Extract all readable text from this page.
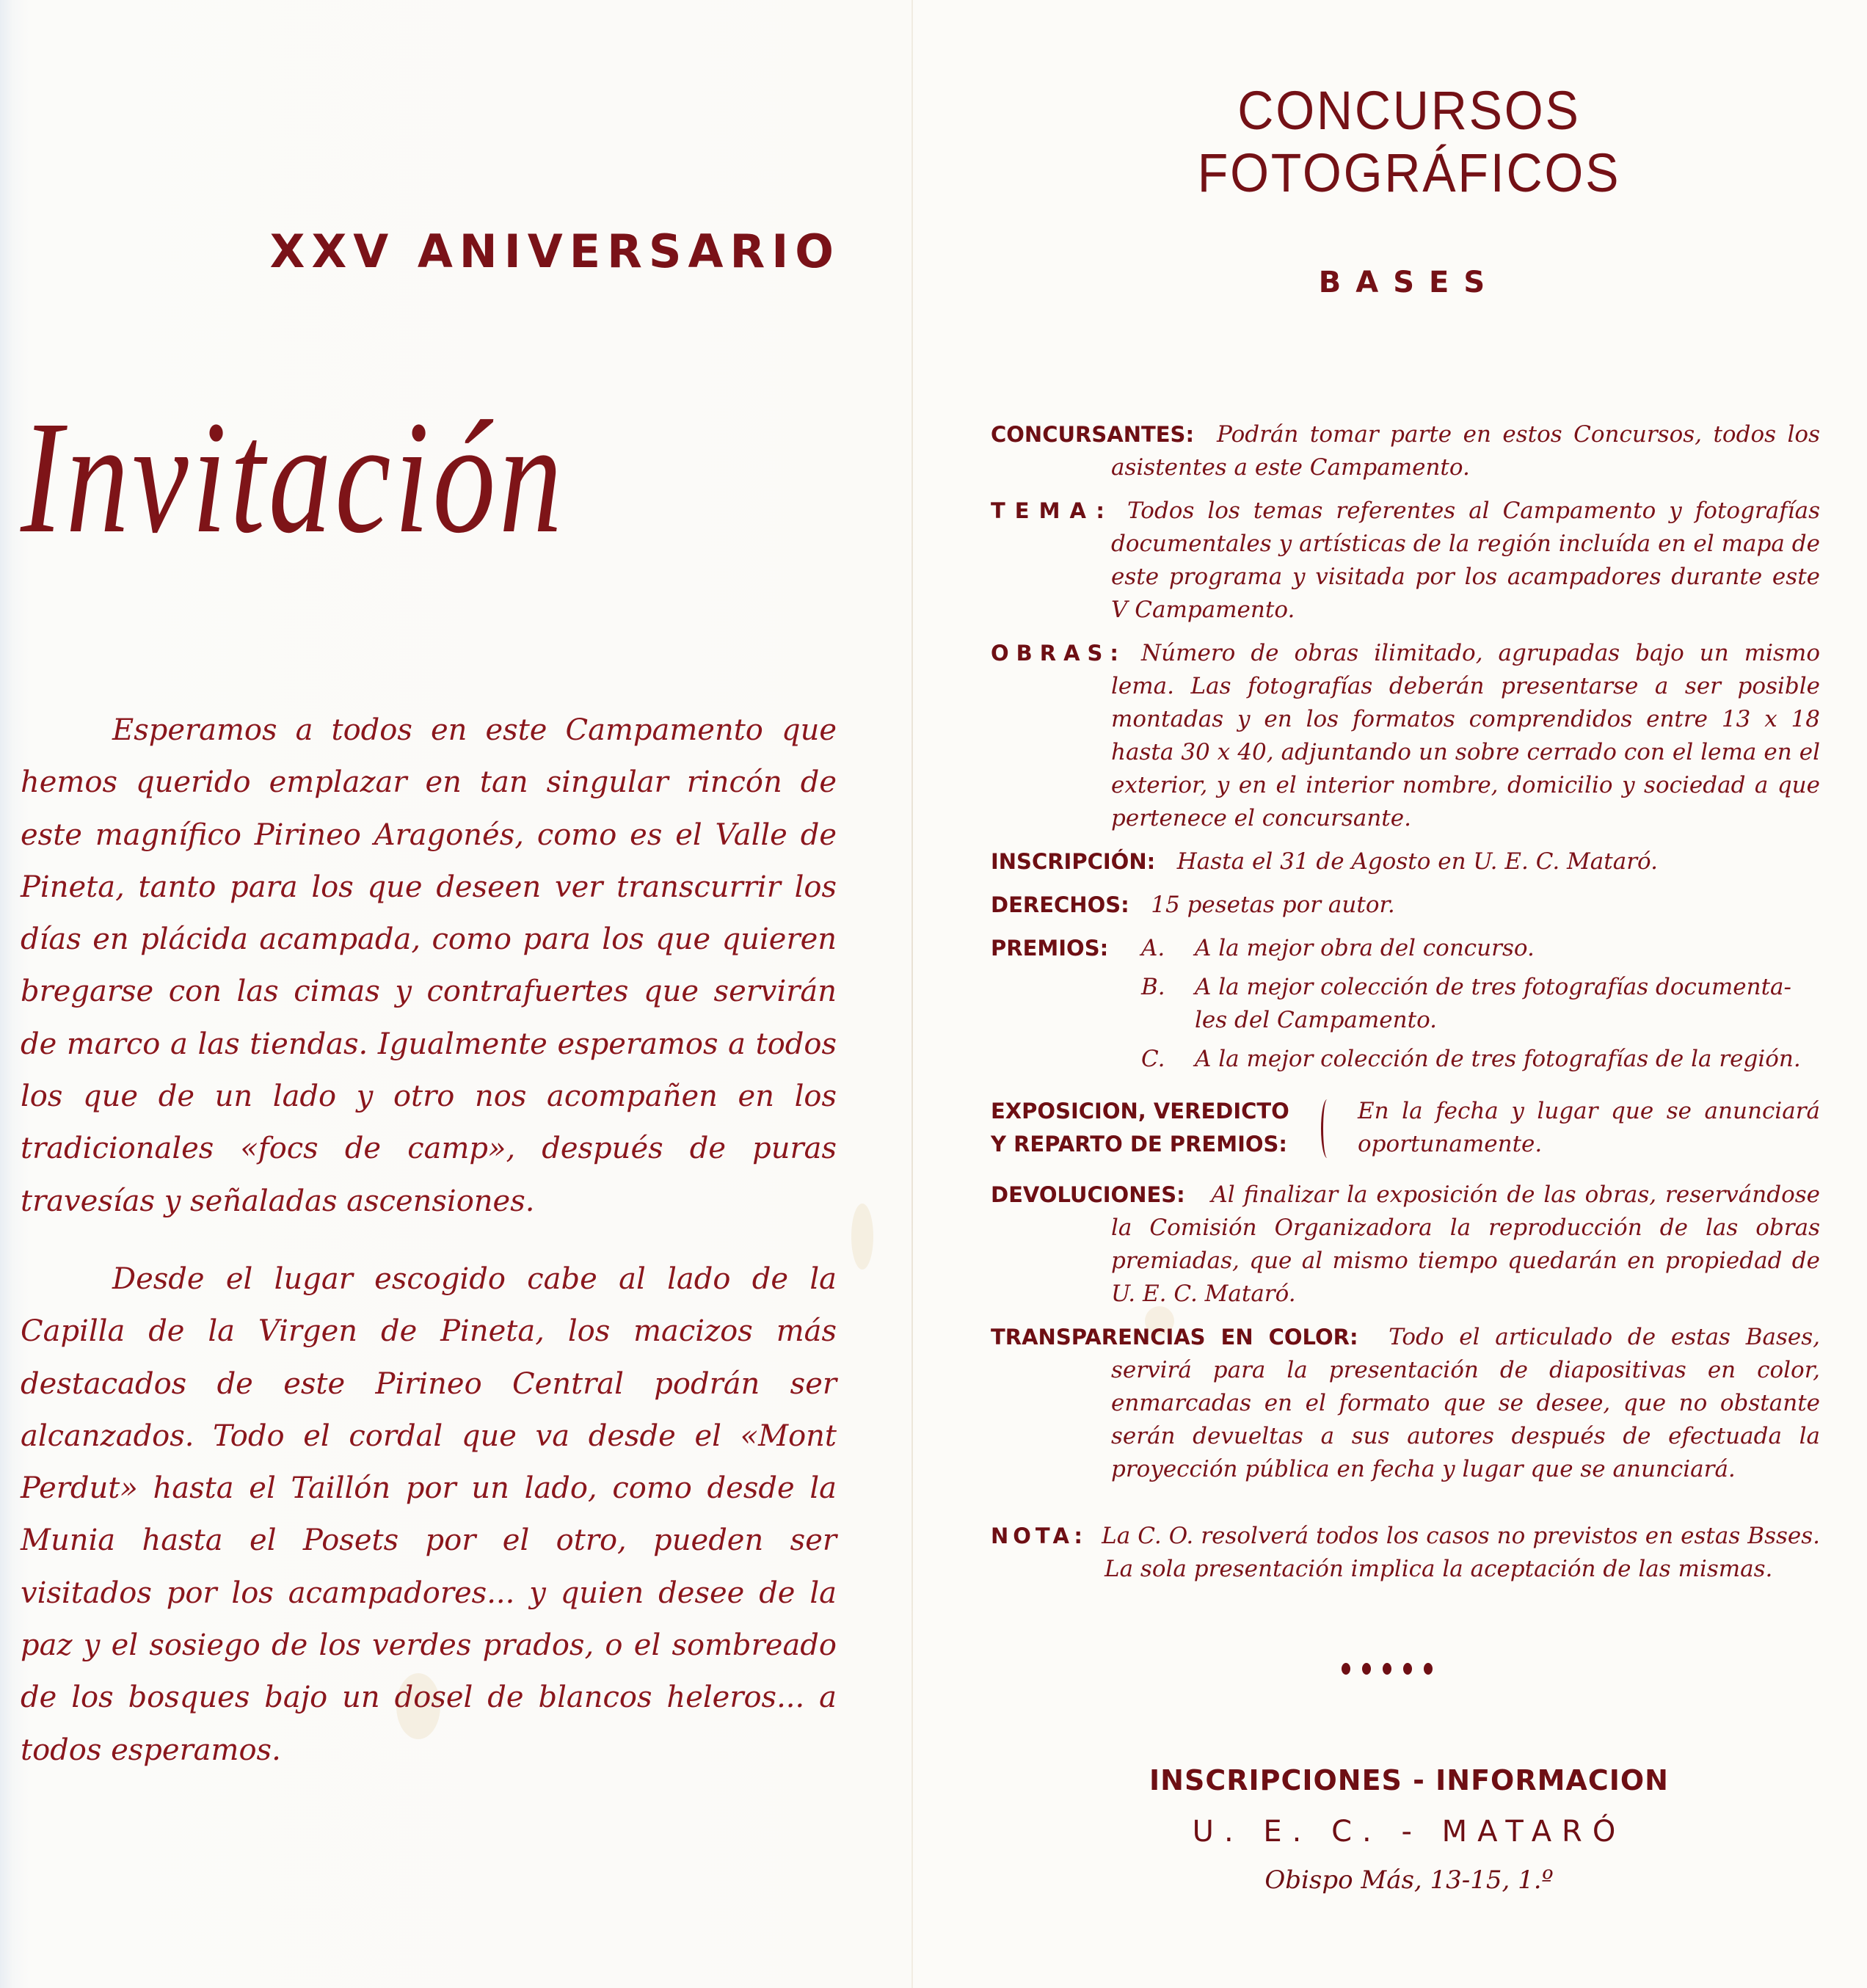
XXV ANIVERSARIO
Invitación

Esperamos a todos en este Campamento que hemos querido emplazar en tan singular rincón de este magnífico Pirineo Aragonés, como es el Valle de Pineta, tanto para los que deseen ver transcurrir los días en plácida acampada, como para los que quieren bregarse con las cimas y contrafuertes que servirán de marco a las tiendas. Igualmente esperamos a todos los que de un lado y otro nos acompañen en los tradicionales «focs de camp», después de puras travesías y señaladas ascensiones.

Desde el lugar escogido cabe al lado de la Capilla de la Virgen de Pineta, los macizos más destacados de este Pirineo Central podrán ser alcanzados. Todo el cordal que va desde el «Mont Perdut» hasta el Taillón por un lado, como desde la Munia hasta el Posets por el otro, pueden ser visitados por los acampadores... y quien desee de la paz y el sosiego de los verdes prados, o el sombreado de los bosques bajo un dosel de blancos heleros... a todos esperamos.

CONCURSOS FOTOGRÁFICOS
BASES
CONCURSANTES: Podrán tomar parte en estos Concursos, todos los asistentes a este Campamento.
TEMA: Todos los temas referentes al Campamento y fotografías documentales y artísticas de la región incluída en el mapa de este programa y visitada por los acampadores durante este V Campamento.
OBRAS: Número de obras ilimitado, agrupadas bajo un mismo lema. Las fotografías deberán presentarse a ser posible montadas y en los formatos comprendidos entre 13 x 18 hasta 30 x 40, adjuntando un sobre cerrado con el lema en el exterior, y en el interior nombre, domicilio y sociedad a que pertenece el concursante.
INSCRIPCIÓN: Hasta el 31 de Agosto en U. E. C. Mataró.
DERECHOS: 15 pesetas por autor.
PREMIOS: A. A la mejor obra del concurso.
B. A la mejor colección de tres fotografías documenta-
les del Campamento.
C. A la mejor colección de tres fotografías de la región.
EXPOSICION, VEREDICTO
Y REPARTO DE PREMIOS:
En la fecha y lugar que se anunciará oportunamente.
DEVOLUCIONES: Al finalizar la exposición de las obras, reservándose la Comisión Organizadora la reproducción de las obras premiadas, que al mismo tiempo quedarán en propiedad de U. E. C. Mataró.
TRANSPARENCIAS EN COLOR: Todo el articulado de estas Bases, servirá para la presentación de diapositivas en color, enmarcadas en el formato que se desee, que no obstante serán devueltas a sus autores después de efectuada la proyección pública en fecha y lugar que se anunciará.
NOTA: La C. O. resolverá todos los casos no previstos en estas Bsses. La sola presentación implica la aceptación de las mismas.

INSCRIPCIONES - INFORMACION

U. E. C. - MATARÓ

Obispo Más, 13-15, 1.º
